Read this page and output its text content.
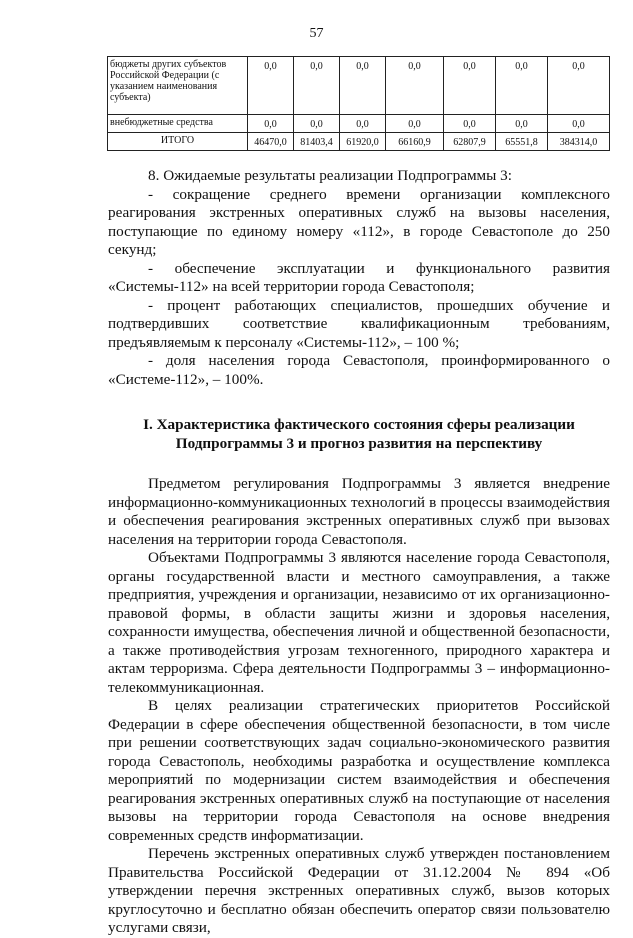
57
бюджеты других субъектов Российской Федерации (с указанием наименования субъекта)	0,0	0,0	0,0	0,0	0,0	0,0	0,0
внебюджетные средства	0,0	0,0	0,0	0,0	0,0	0,0	0,0
ИТОГО	46470,0	81403,4	61920,0	66160,9	62807,9	65551,8	384314,0

8. Ожидаемые результаты реализации Подпрограммы 3:

- сокращение среднего времени организации комплексного реагирования экстренных оперативных служб на вызовы населения, поступающие по единому номеру «112», в городе Севастополе до 250 секунд;

- обеспечение эксплуатации и функционального развития «Системы-112» на всей территории города Севастополя;

- процент работающих специалистов, прошедших обучение и подтвердивших соответствие квалификационным требованиям, предъявляемым к персоналу «Системы-112», – 100 %;

- доля населения города Севастополя, проинформированного о «Системе-112», – 100%.

I. Характеристика фактического состояния сферы реализации
Подпрограммы 3 и прогноз развития на перспективу

Предметом регулирования Подпрограммы 3 является внедрение информационно-коммуникационных технологий в процессы взаимодействия и обеспечения реагирования экстренных оперативных служб при вызовах населения на территории города Севастополя.

Объектами Подпрограммы 3 являются население города Севастополя, органы государственной власти и местного самоуправления, а также предприятия, учреждения и организации, независимо от их организационно-правовой формы, в области защиты жизни и здоровья населения, сохранности имущества, обеспечения личной и общественной безопасности, а также противодействия угрозам техногенного, природного характера и актам терроризма. Сфера деятельности Подпрограммы 3 – информационно-телекоммуникационная.

В целях реализации стратегических приоритетов Российской Федерации в сфере обеспечения общественной безопасности, в том числе при решении соответствующих задач социально-экономического развития города Севастополь, необходимы разработка и осуществление комплекса мероприятий по модернизации систем взаимодействия и обеспечения реагирования экстренных оперативных служб на поступающие от населения вызовы на территории города Севастополя на основе внедрения современных средств информатизации.

Перечень экстренных оперативных служб утвержден постановлением Правительства Российской Федерации от 31.12.2004 № 894 «Об утверждении перечня экстренных оперативных служб, вызов которых круглосуточно и бесплатно обязан обеспечить оператор связи пользователю услугами связи,
